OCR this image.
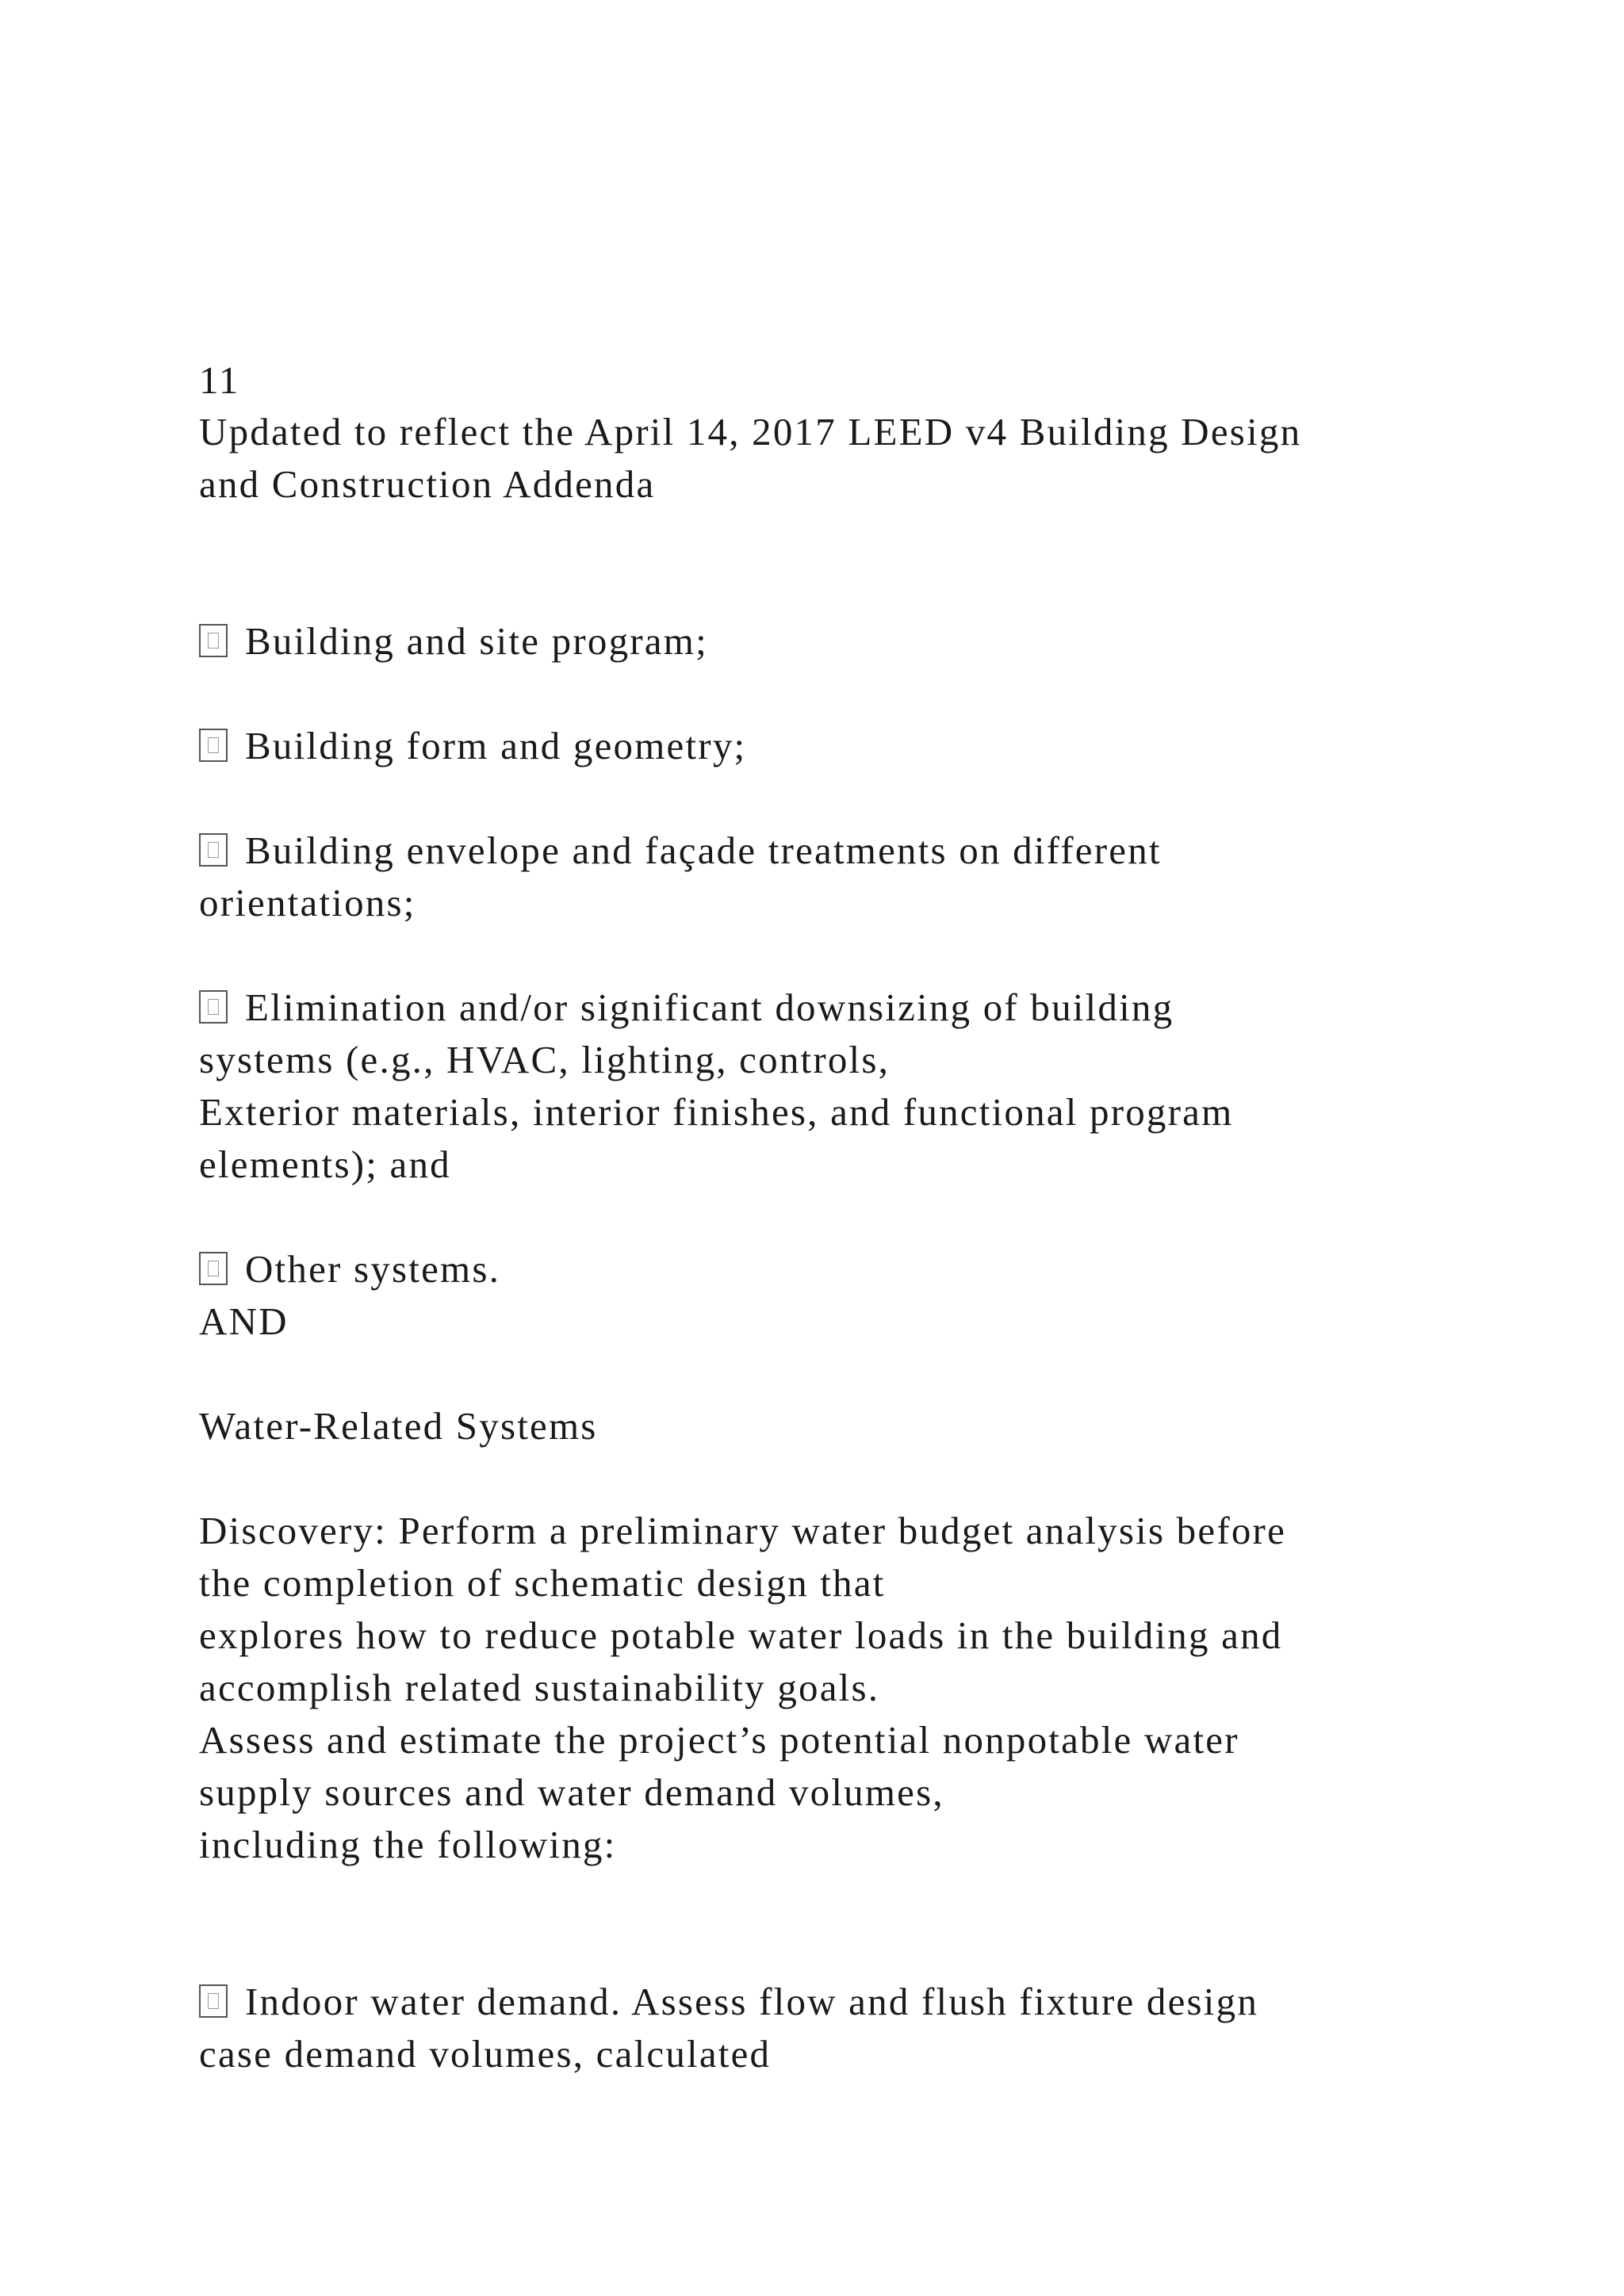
11
Updated to reflect the April 14, 2017 LEED v4 Building Design
and Construction Addenda
Building and site program;
Building form and geometry;
Building envelope and façade treatments on different
orientations;
Elimination and/or significant downsizing of building
systems (e.g., HVAC, lighting, controls,
Exterior materials, interior finishes, and functional program
elements); and
Other systems.
AND
Water-Related Systems
Discovery: Perform a preliminary water budget analysis before
the completion of schematic design that
explores how to reduce potable water loads in the building and
accomplish related sustainability goals.
Assess and estimate the project’s potential nonpotable water
supply sources and water demand volumes,
including the following:
Indoor water demand. Assess flow and flush fixture design
case demand volumes, calculated
